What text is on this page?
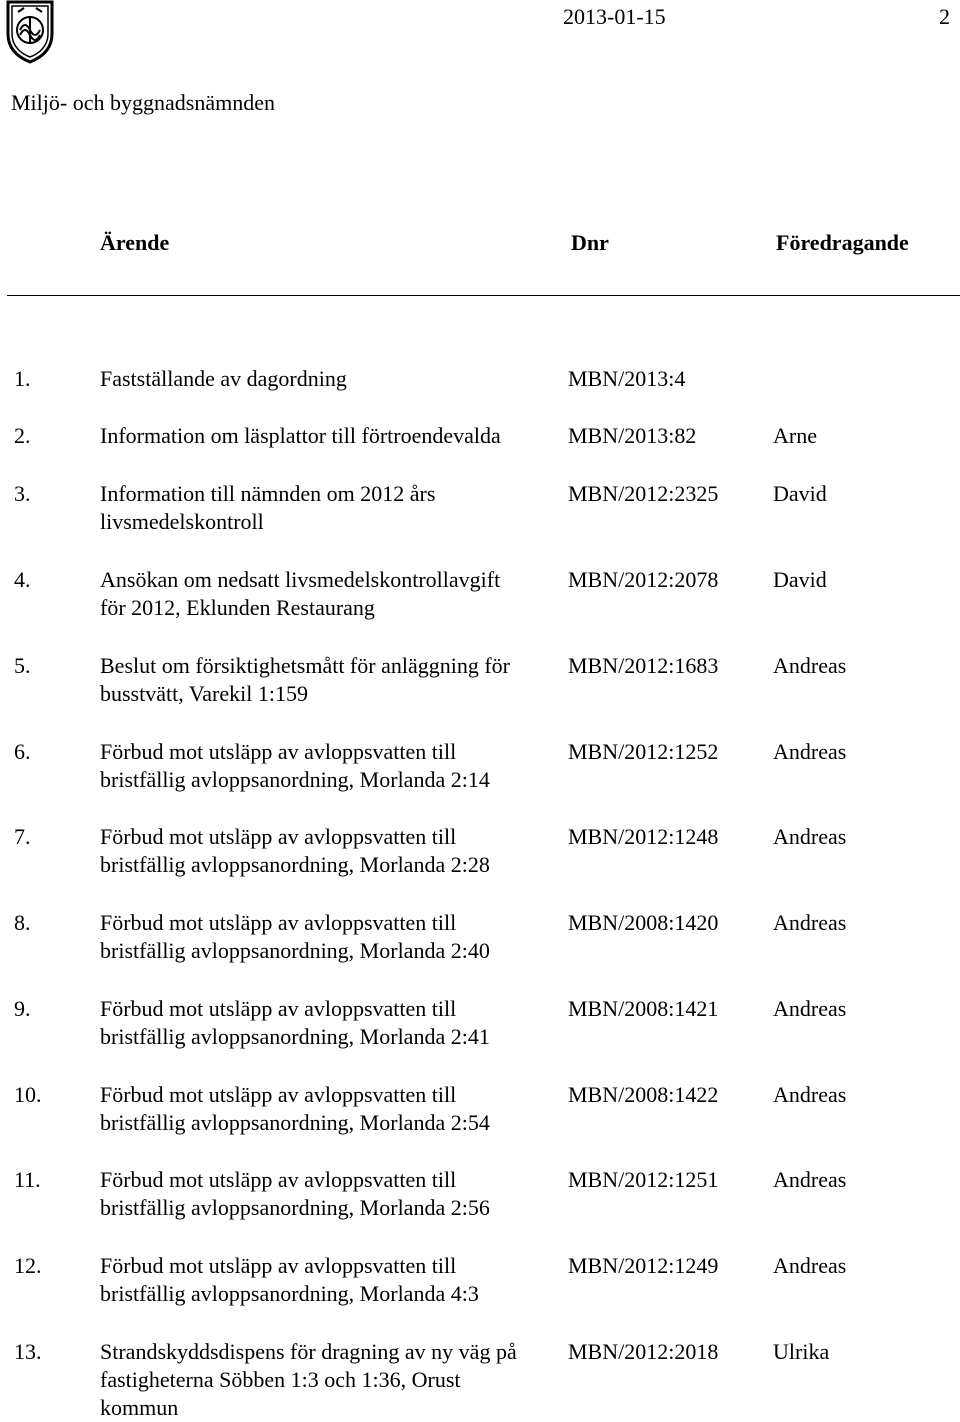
2013-01-15	2
Miljö- och byggnadsnämnden
Ärende	Dnr	Föredragande
1.	Fastställande av dagordning	MBN/2013:4
2.	Information om läsplattor till förtroendevalda	MBN/2013:82	Arne
3.	Information till nämnden om 2012 års
livsmedelskontroll
MBN/2012:2325 David
4.	Ansökan om nedsatt livsmedelskontrollavgift
för 2012, Eklunden Restaurang
MBN/2012:2078 David
5.	Beslut om försiktighetsmått för anläggning för
busstvätt, Varekil 1:159
MBN/2012:1683 Andreas
6.	Förbud mot utsläpp av avloppsvatten till
bristfällig avloppsanordning, Morlanda 2:14
MBN/2012:1252 Andreas
7.	Förbud mot utsläpp av avloppsvatten till
bristfällig avloppsanordning, Morlanda 2:28
MBN/2012:1248 Andreas
8.	Förbud mot utsläpp av avloppsvatten till
bristfällig avloppsanordning, Morlanda 2:40
MBN/2008:1420 Andreas
9.	Förbud mot utsläpp av avloppsvatten till
bristfällig avloppsanordning, Morlanda 2:41
MBN/2008:1421 Andreas
10.	Förbud mot utsläpp av avloppsvatten till
bristfällig avloppsanordning, Morlanda 2:54
MBN/2008:1422 Andreas
11.	Förbud mot utsläpp av avloppsvatten till
bristfällig avloppsanordning, Morlanda 2:56
MBN/2012:1251 Andreas
12.	Förbud mot utsläpp av avloppsvatten till
bristfällig avloppsanordning, Morlanda 4:3
MBN/2012:1249 Andreas
13.	Strandskyddsdispens för dragning av ny väg på
fastigheterna Söbben 1:3 och 1:36, Orust
kommun
MBN/2012:2018 Ulrika
